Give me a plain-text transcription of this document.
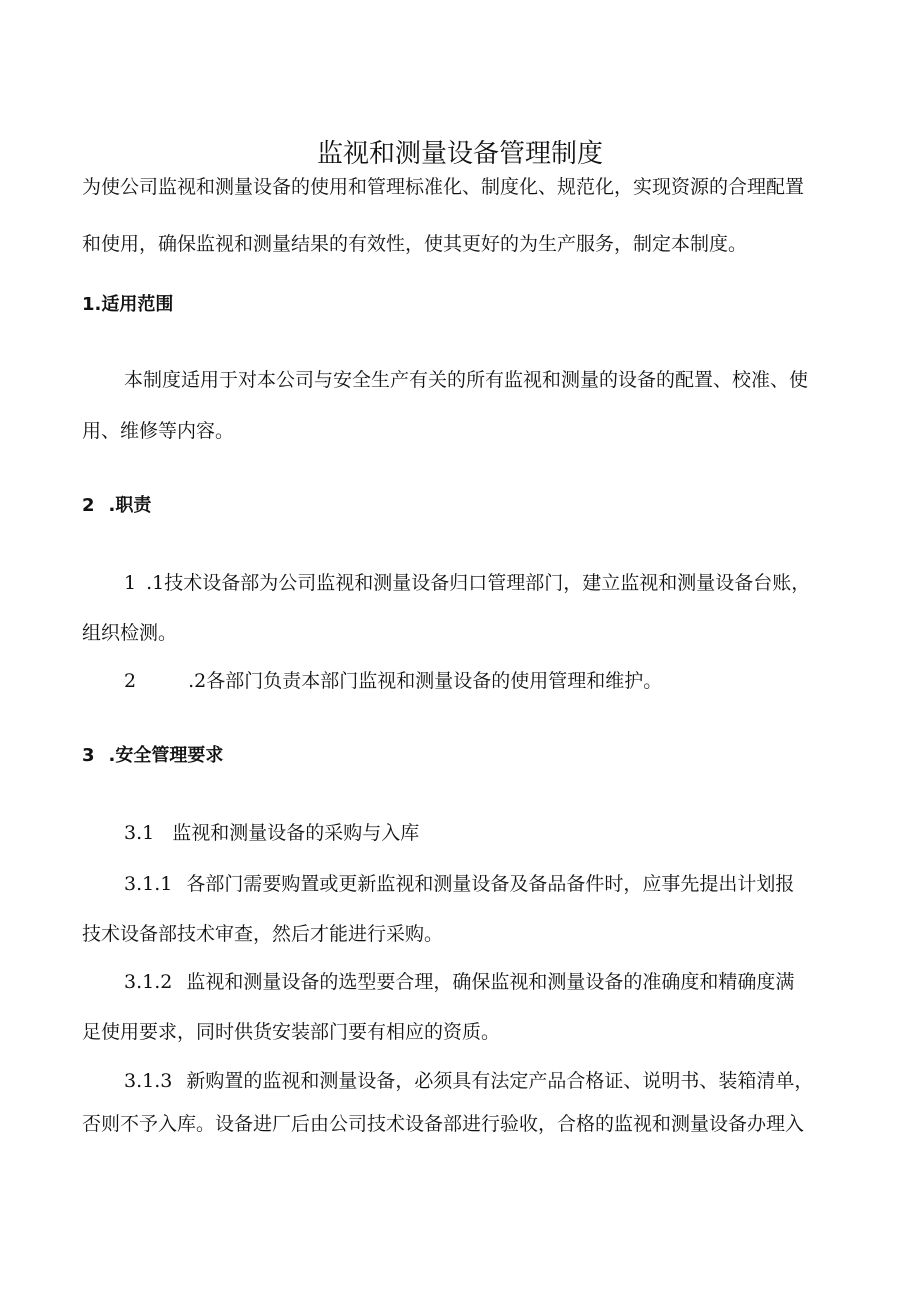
监视和测量设备管理制度
为使公司监视和测量设备的使用和管理标准化、制度化、规范化，实现资源的合理配置
和使用，确保监视和测量结果的有效性，使其更好的为生产服务，制定本制度。
1.适用范围
本制度适用于对本公司与安全生产有关的所有监视和测量的设备的配置、校准、使
用、维修等内容。
2 .职责
1 .1技术设备部为公司监视和测量设备归口管理部门，建立监视和测量设备台账，
组织检测。
2	.2各部门负责本部门监视和测量设备的使用管理和维护。
3 .安全管理要求
3.1 监视和测量设备的采购与入库
3.1.1 各部门需要购置或更新监视和测量设备及备品备件时，应事先提出计划报
技术设备部技术审查，然后才能进行采购。
3.1.2 监视和测量设备的选型要合理，确保监视和测量设备的准确度和精确度满
足使用要求，同时供货安装部门要有相应的资质。
3.1.3 新购置的监视和测量设备，必须具有法定产品合格证、说明书、装箱清单，
否则不予入库。设备进厂后由公司技术设备部进行验收，合格的监视和测量设备办理入
